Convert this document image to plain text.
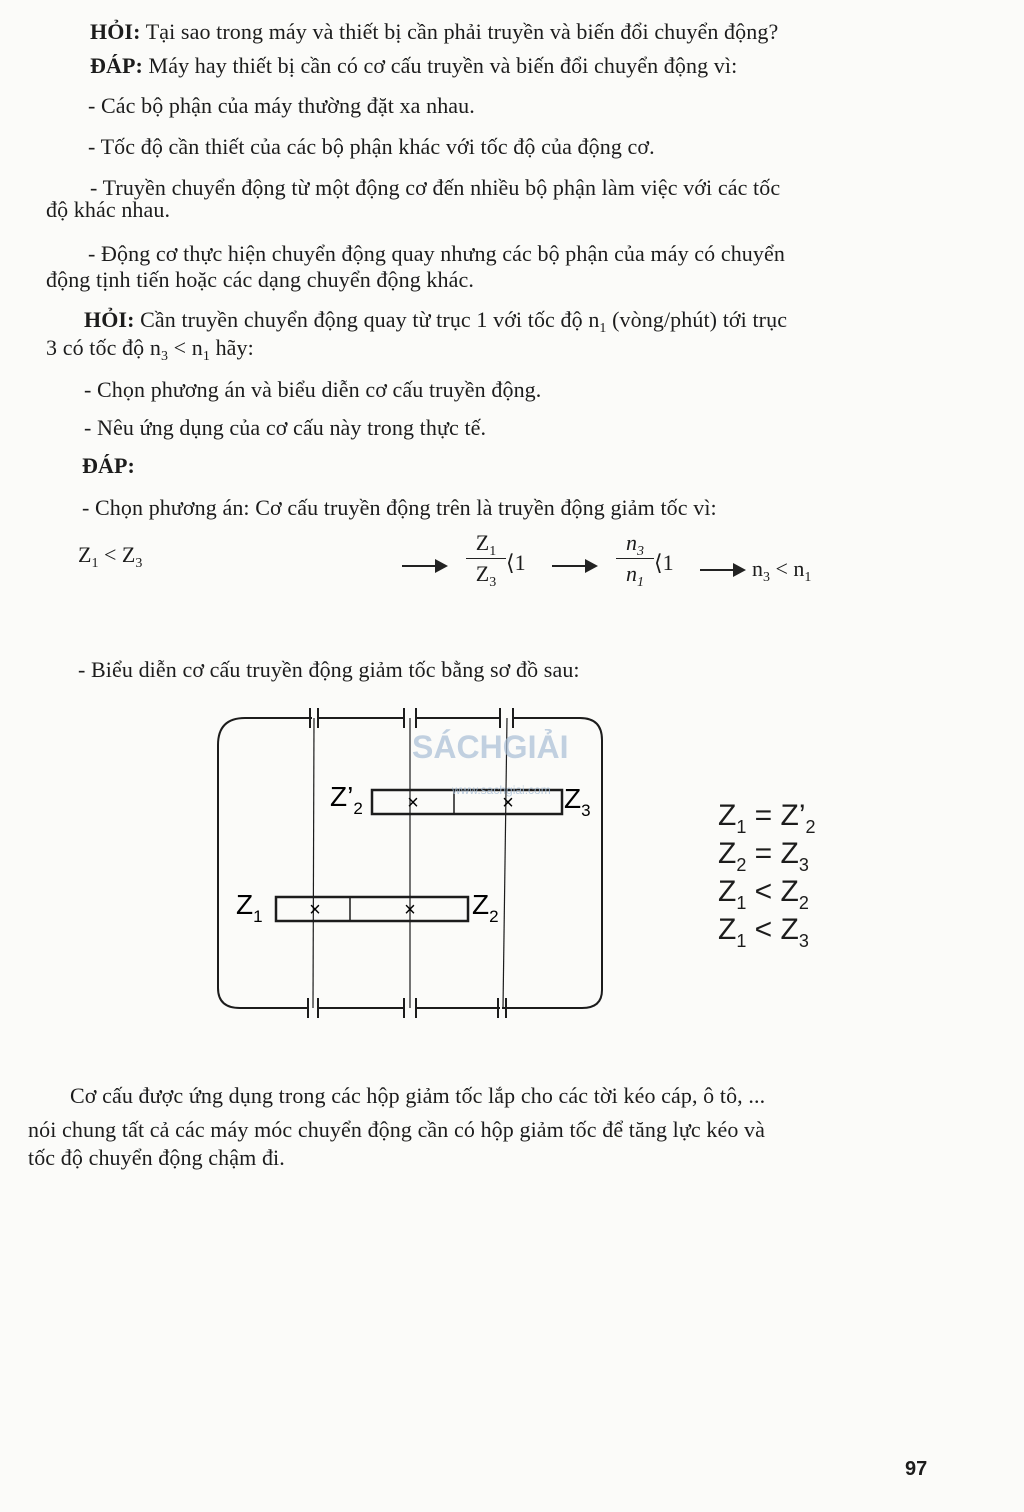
HỎI: Tại sao trong máy và thiết bị cần phải truyền và biến đổi chuyển động?
ĐÁP: Máy hay thiết bị cần có cơ cấu truyền và biến đổi chuyển động vì:
- Các bộ phận của máy thường đặt xa nhau.
- Tốc độ cần thiết của các bộ phận khác với tốc độ của động cơ.
- Truyền chuyển động từ một động cơ đến nhiều bộ phận làm việc với các tốc
độ khác nhau.
- Động cơ thực hiện chuyển động quay nhưng các bộ phận của máy có chuyển
động tịnh tiến hoặc các dạng chuyển động khác.
HỎI: Cần truyền chuyển động quay từ trục 1 với tốc độ $n_1$ (vòng/phút) tới trục
3 có tốc độ $n_3 < n_1$ hãy:
- Chọn phương án và biểu diễn cơ cấu truyền động.
- Nêu ứng dụng của cơ cấu này trong thực tế.
ĐÁP:
- Chọn phương án: Cơ cấu truyền động trên là truyền động giảm tốc vì:
$Z_1 < Z_3$
$Z_1$
$Z_3$
⟨1
$n_3$
$n_1$
⟨1	$n_3 < n_1$
- Biểu diễn cơ cấu truyền động giảm tốc bằng sơ đồ sau:
×	×
×	×
$Z’_2$	$Z_3$
$Z_1$	$Z_2$
SÁCHGIẢI
www.sachgiai.com
$Z_1$ = $Z’_2$
$Z_2 = Z_3$
$Z_1 < Z_2$
$Z_1 < Z_3$
Cơ cấu được ứng dụng trong các hộp giảm tốc lắp cho các tời kéo cáp, ô tô, ...
nói chung tất cả các máy móc chuyển động cần có hộp giảm tốc để tăng lực kéo và
tốc độ chuyển động chậm đi.
97
